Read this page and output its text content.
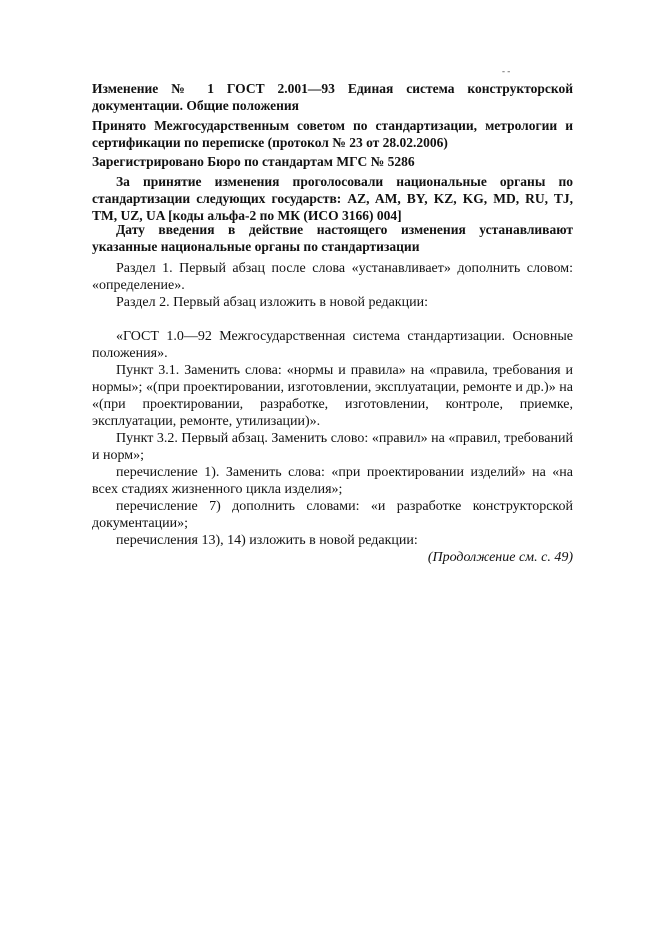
- -
Изменение № 1 ГОСТ 2.001—93 Единая система конструкторской документации. Общие положения
Принято Межгосударственным советом по стандартизации, метрологии и сертификации по переписке (протокол № 23 от 28.02.2006)
Зарегистрировано Бюро по стандартам МГС № 5286
За принятие изменения проголосовали национальные органы по стандартизации следующих государств: AZ, AM, BY, KZ, KG, MD, RU, TJ, TM, UZ, UA [коды альфа-2 по МК (ИСО 3166) 004]
Дату введения в действие настоящего изменения устанавливают указанные национальные органы по стандартизации
Раздел 1. Первый абзац после слова «устанавливает» дополнить словом: «определение».
Раздел 2. Первый абзац изложить в новой редакции:
«ГОСТ 1.0—92 Межгосударственная система стандартизации. Основные положения».
Пункт 3.1. Заменить слова: «нормы и правила» на «правила, требования и нормы»; «(при проектировании, изготовлении, эксплуатации, ремонте и др.)» на «(при проектировании, разработке, изготовлении, контроле, приемке, эксплуатации, ремонте, утилизации)».
Пункт 3.2. Первый абзац. Заменить слово: «правил» на «правил, требований и норм»;
перечисление 1). Заменить слова: «при проектировании изделий» на «на всех стадиях жизненного цикла изделия»;
перечисление 7) дополнить словами: «и разработке конструкторской документации»;
перечисления 13), 14) изложить в новой редакции:
(Продолжение см. с. 49)
